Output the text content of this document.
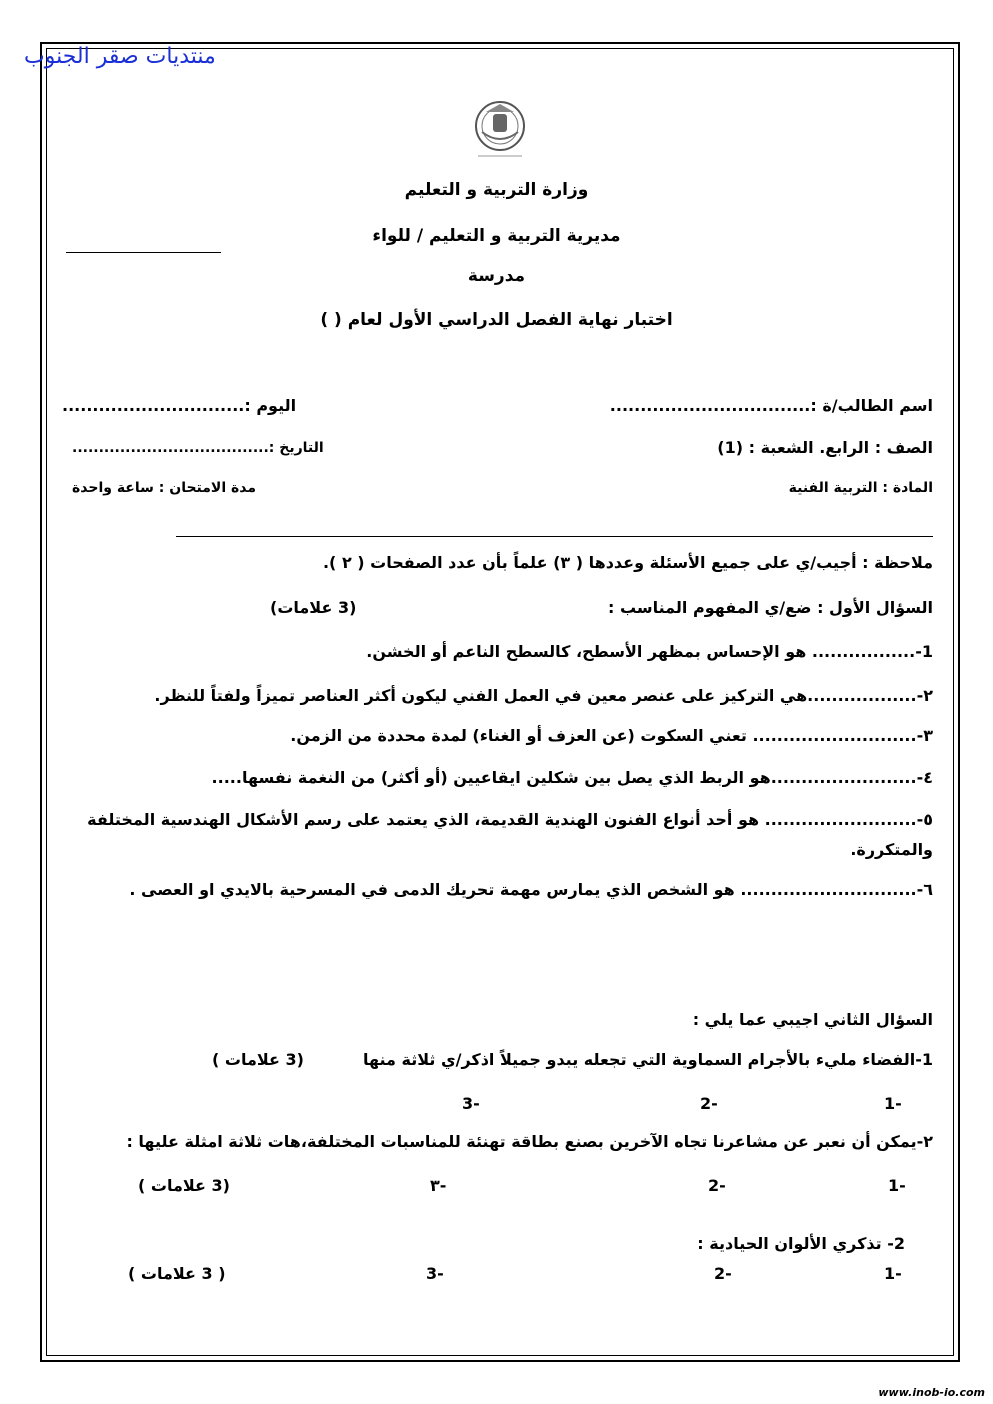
منتديات صقر الجنوب
وزارة التربية و التعليم
مديرية التربية و التعليم / للواء
مدرسة
اختبار نهاية الفصل الدراسي الأول لعام ( )
اسم الطالب/ة :.................................
اليوم :..............................
الصف : الرابع. الشعبة : (1)
التاريخ :.....................................
المادة : التربية الفنية
مدة الامتحان : ساعة واحدة
ملاحظة : أجيب/ي على جميع الأسئلة وعددها ( ٣) علماً بأن عدد الصفحات ( ٢ ).
السؤال الأول : ضع/ي المفهوم المناسب :
(3 علامات)
1-................. هو الإحساس بمظهر الأسطح، كالسطح الناعم أو الخشن.
٢-..................هي التركيز على عنصر معين في العمل الفني ليكون أكثر العناصر تميزاً ولفتاً للنظر.
٣-........................... تعني السكوت (عن العزف أو الغناء) لمدة محددة من الزمن.
٤-........................هو الربط الذي يصل بين شكلين ايقاعيين (أو أكثر) من النغمة نفسها.....
٥-......................... هو أحد أنواع الفنون الهندية القديمة، الذي يعتمد على رسم الأشكال الهندسية المختلفة
والمتكررة.
٦-............................. هو الشخص الذي يمارس مهمة تحريك الدمى في المسرحية بالايدي او العصى .
السؤال الثاني اجيبي عما يلي :
1-الفضاء مليء بالأجرام السماوية التي تجعله يبدو جميلاً اذكر/ي ثلاثة منها
(3 علامات )
1-
2-
3-
٢-يمكن أن نعبر عن مشاعرنا تجاه الآخرين بصنع بطاقة تهنئة للمناسبات المختلفة،هات ثلاثة امثلة عليها :
1-
2-
٣-
(3 علامات )
2- تذكري الألوان الحيادية :
1-
2-
3-
( 3 علامات )
www.inob-io.com
